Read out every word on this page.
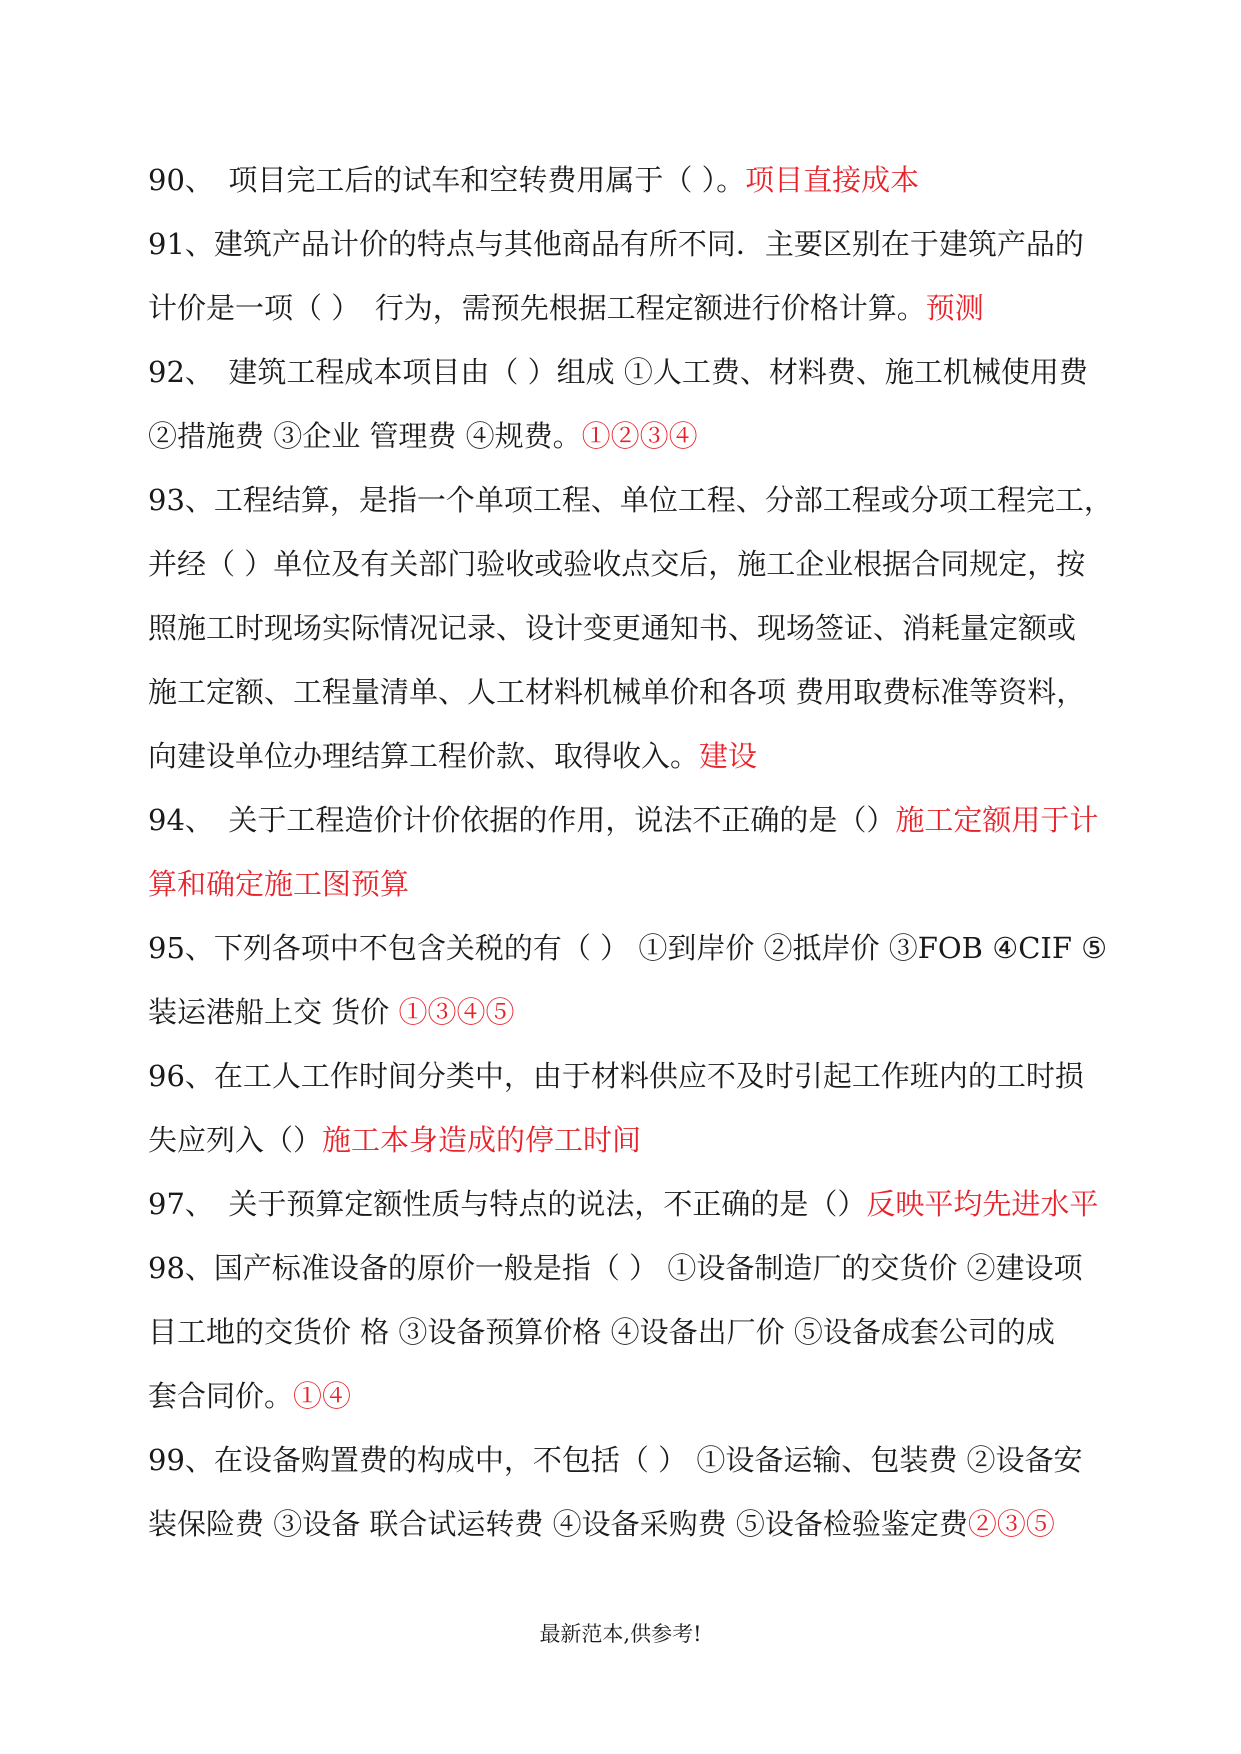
90、　项目完工后的试车和空转费用属于（ ）。项目直接成本
91、建筑产品计价的特点与其他商品有所不同．主要区别在于建筑产品的
计价是一项（ ）　行为，需预先根据工程定额进行价格计算。预测
92、　建筑工程成本项目由（ ）组成 ①人工费、材料费、施工机械使用费
②措施费 ③企业 管理费 ④规费。①②③④
93、工程结算，是指一个单项工程、单位工程、分部工程或分项工程完工，
并经（ ）单位及有关部门验收或验收点交后，施工企业根据合同规定，按
照施工时现场实际情况记录、设计变更通知书、现场签证、消耗量定额或
施工定额、工程量清单、人工材料机械单价和各项 费用取费标准等资料，
向建设单位办理结算工程价款、取得收入。建设
94、　关于工程造价计价依据的作用，说法不正确的是（）施工定额用于计
算和确定施工图预算
95、下列各项中不包含关税的有（ ） ①到岸价 ②抵岸价 ③FOB ④CIF ⑤
装运港船上交 货价 ①③④⑤
96、在工人工作时间分类中，由于材料供应不及时引起工作班内的工时损
失应列入（）施工本身造成的停工时间
97、　关于预算定额性质与特点的说法，不正确的是（）反映平均先进水平
98、国产标准设备的原价一般是指（ ） ①设备制造厂的交货价 ②建设项
目工地的交货价 格 ③设备预算价格 ④设备出厂价 ⑤设备成套公司的成
套合同价。①④
99、在设备购置费的构成中，不包括（ ） ①设备运输、包装费 ②设备安
装保险费 ③设备 联合试运转费 ④设备采购费 ⑤设备检验鉴定费②③⑤
最新范本,供参考!
